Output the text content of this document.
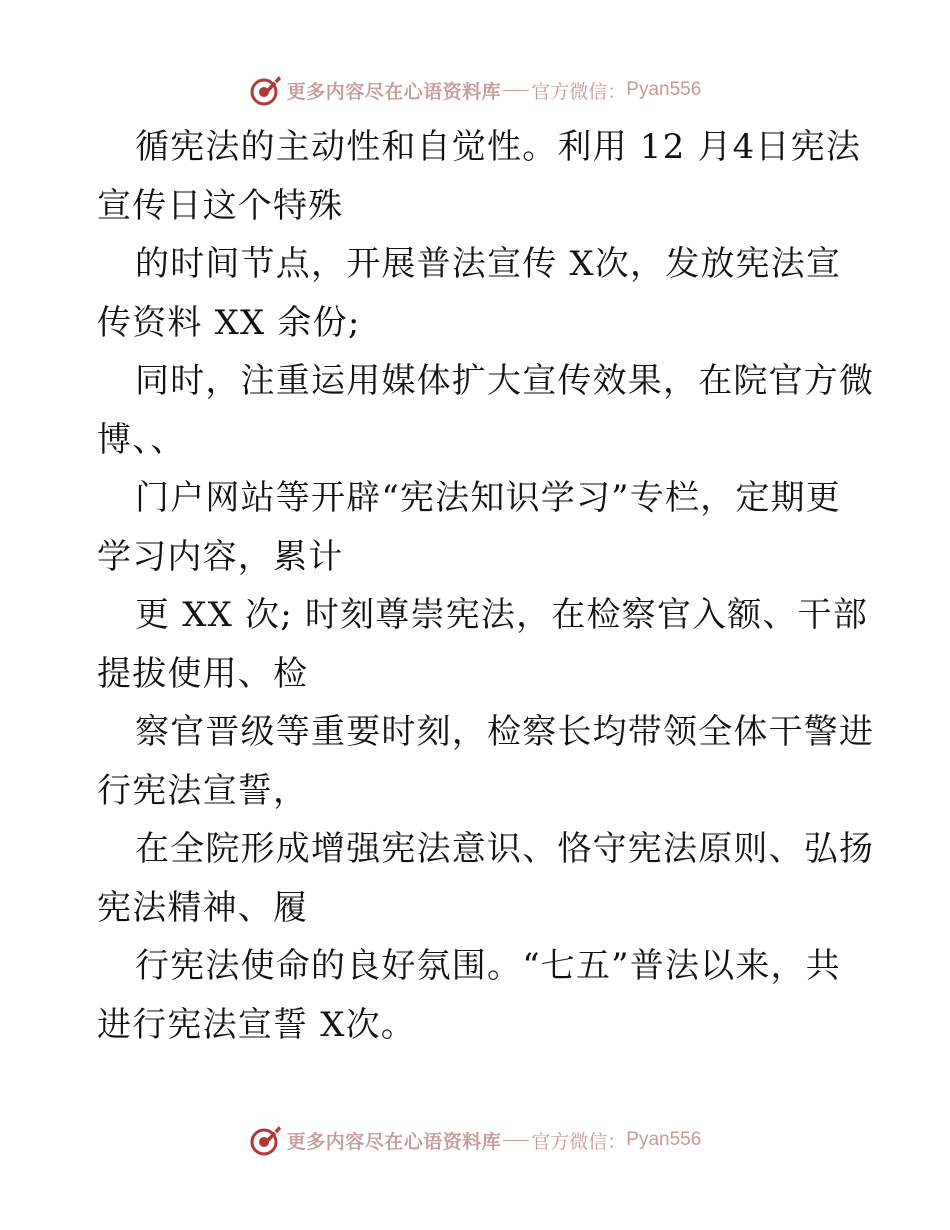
更多内容尽在心语资料库 官方微信 ： Pyan556
循宪法的主动性和自觉性。利用 12 月4日宪法
宣传日这个特殊
的时间节点，开展普法宣传 X次，发放宪法宣
传资料 XX 余份;
同时，注重运用媒体扩大宣传效果，在院官方微
博、、
门户网站等开辟“宪法知识学习”专栏，定期更
学习内容，累计
更 XX 次; 时刻尊崇宪法，在检察官入额、干部
提拔使用、检
察官晋级等重要时刻，检察长均带领全体干警进
行宪法宣誓，
在全院形成增强宪法意识、恪守宪法原则、弘扬
宪法精神、履
行宪法使命的良好氛围。“七五”普法以来，共
进行宪法宣誓 X次。
更多内容尽在心语资料库 官方微信 ： Pyan556
